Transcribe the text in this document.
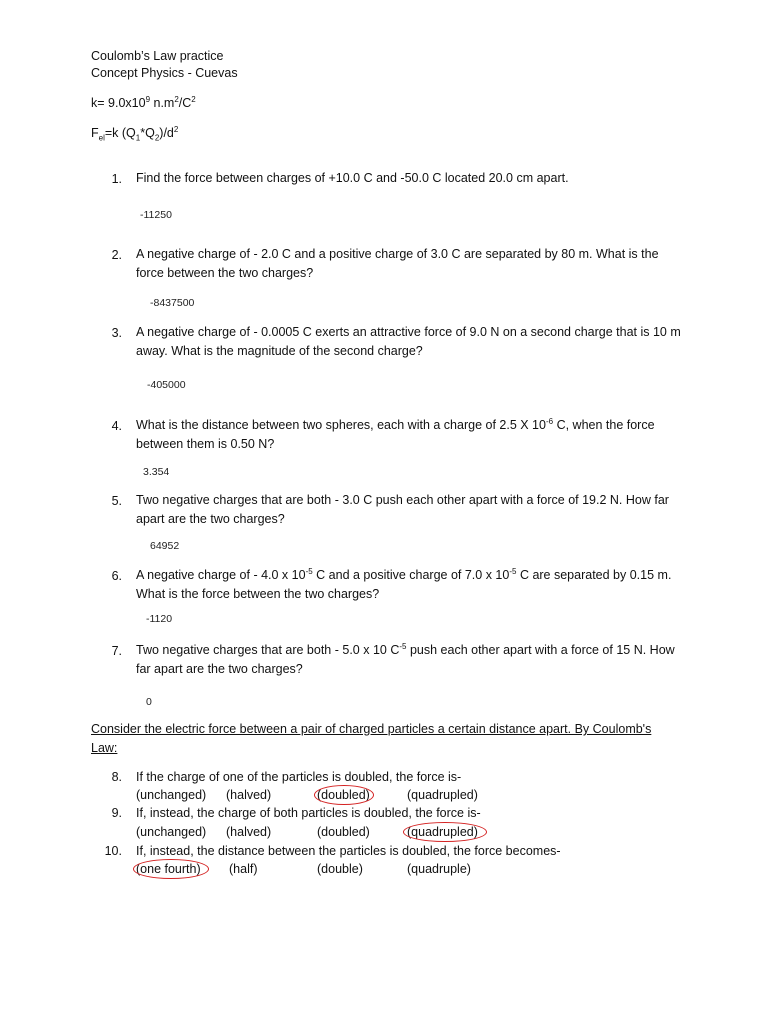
Coulomb’s Law practice
Concept Physics - Cuevas
$k= 9.0x10^9$ $n.m^2/C^2$
$F_{el}=k$ $(Q_1*Q_2)/d^2$
1. Find the force between charges of +10.0 C and -50.0 C located 20.0 cm apart.
-11250
2. A negative charge of - 2.0 C and a positive charge of 3.0 C are separated by 80 m. What is the force between the two charges?
-8437500
3. A negative charge of - 0.0005 C exerts an attractive force of 9.0 N on a second charge that is 10 m away. What is the magnitude of the second charge?
-405000
4. What is the distance between two spheres, each with a charge of 2.5 X $10^{-6}$ C, when the force between them is 0.50 N?
3.354
5. Two negative charges that are both - 3.0 C push each other apart with a force of 19.2 N. How far apart are the two charges?
64952
6. A negative charge of - 4.0 x $10^{-5}$ C and a positive charge of 7.0 x $10^{-5}$ C are separated by 0.15 m. What is the force between the two charges?
-1120
7. Two negative charges that are both - 5.0 x 10 $C^{-5}$ push each other apart with a force of 15 N. How far apart are the two charges?
0
Consider the electric force between a pair of charged particles a certain distance apart. By Coulomb's Law:
8. If the charge of one of the particles is doubled, the force is-
(unchanged) (halved)	(doubled)	(quadrupled)
9. If, instead, the charge of both particles is doubled, the force is-
(unchanged) (halved)	(doubled)	(quadrupled)
10. If, instead, the distance between the particles is doubled, the force becomes-
(one fourth) (half)	(double)	(quadruple)
